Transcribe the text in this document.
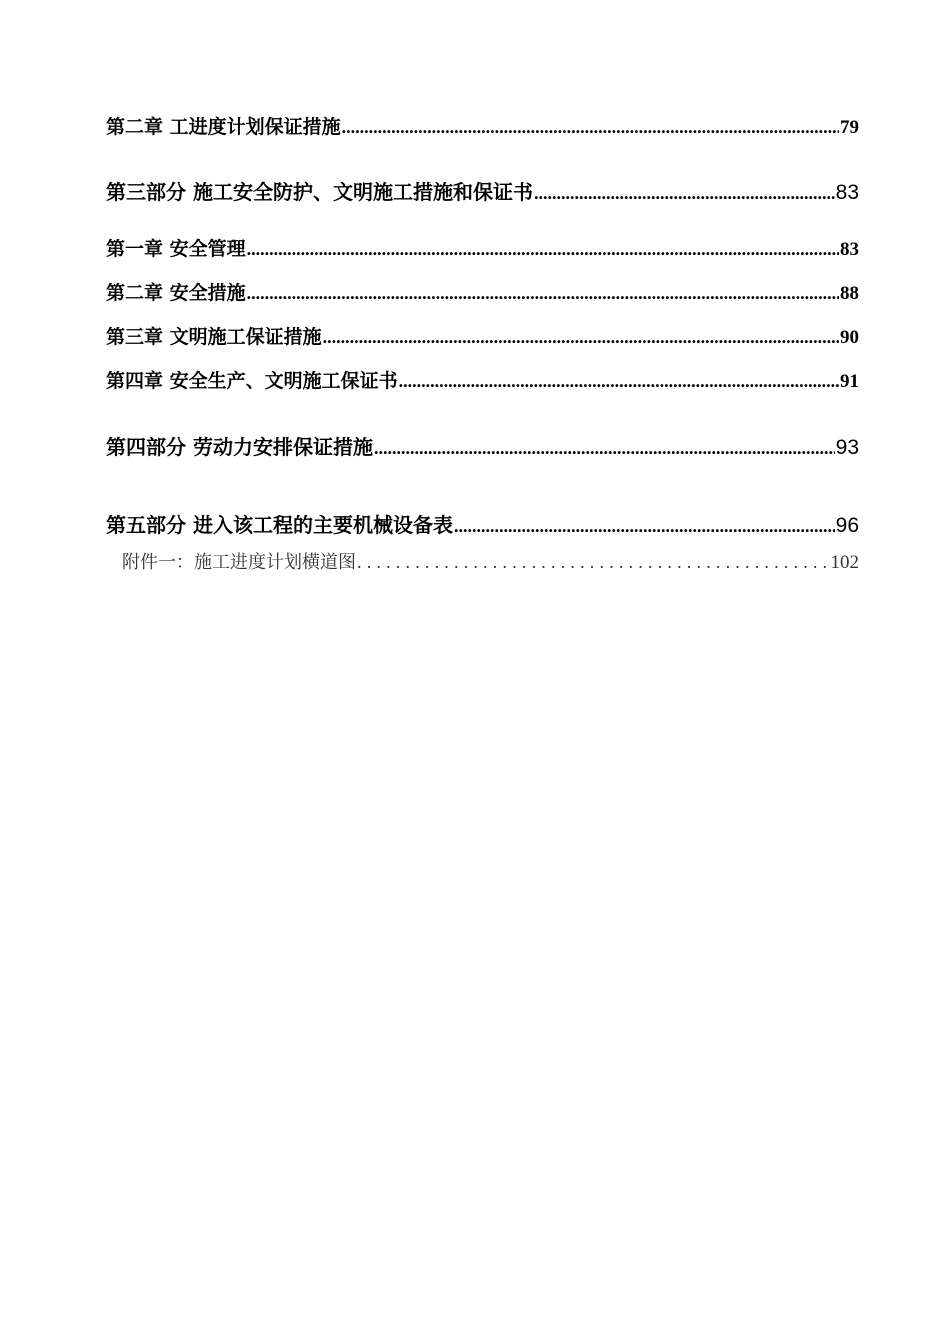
第二章 工进度计划保证措施 .....	79
第三部分 施工安全防护、文明施工措施和保证书 .....	83
第一章 安全管理 .....	83
第二章 安全措施 .....	88
第三章 文明施工保证措施 .....	90
第四章 安全生产、文明施工保证书 .....	91
第四部分 劳动力安排保证措施 .....	93
第五部分 进入该工程的主要机械设备表 .....	96
附件一：施工进度计划横道图 .....	102
